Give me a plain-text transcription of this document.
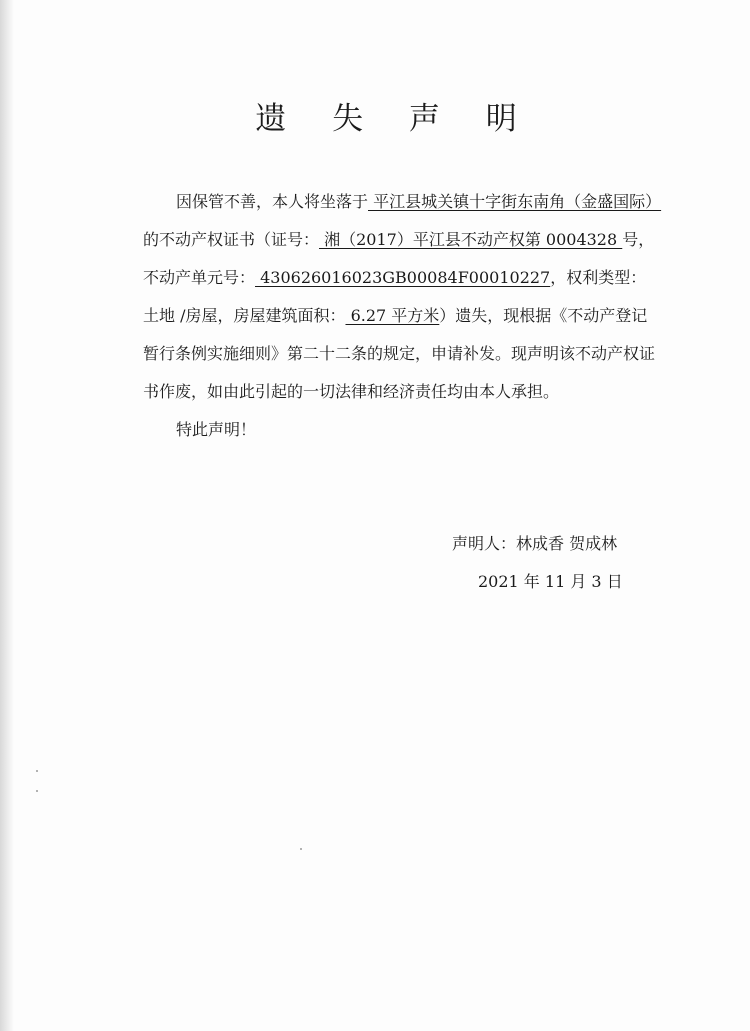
遗 失 声 明

因保管不善，本人将坐落于 平江县城关镇十字街东南角（金盛国际）的不动产权证书（证号： 湘（2017）平江县不动产权第 0004328 号，不动产单元号： 430626016023GB00084F00010227，权利类型： 土地 /房屋，房屋建筑面积： 6.27 平方米）遗失，现根据《不动产登记暂行条例实施细则》第二十二条的规定，申请补发。现声明该不动产权证书作废，如由此引起的一切法律和经济责任均由本人承担。

特此声明！

声明人：林成香 贺成林
2021 年 11 月 3 日
